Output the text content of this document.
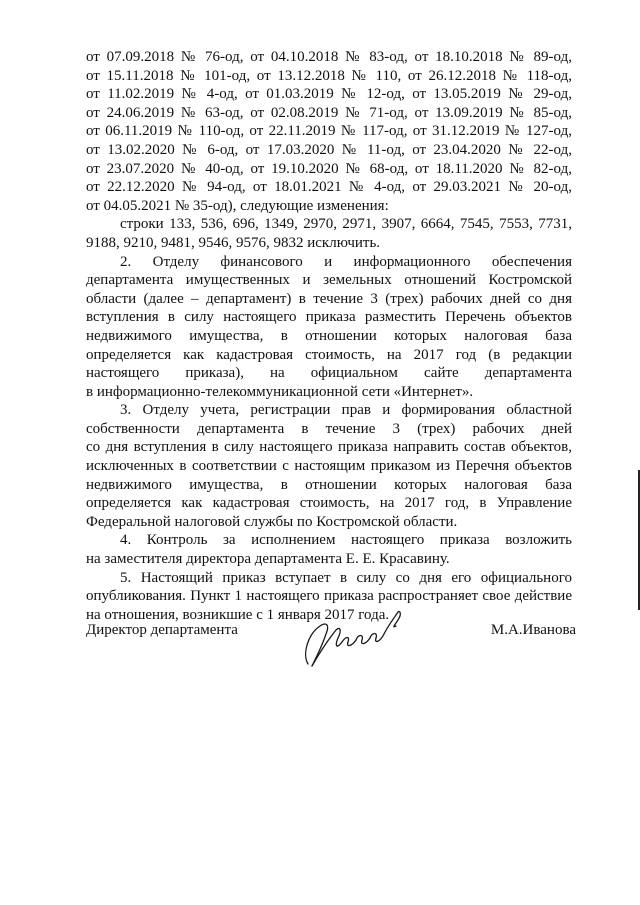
от 07.09.2018 № 76-од, от 04.10.2018 № 83-од, от 18.10.2018 № 89-од,
от 15.11.2018 № 101-од, от 13.12.2018 № 110, от 26.12.2018 № 118-од,
от 11.02.2019 № 4-од, от 01.03.2019 № 12-од, от 13.05.2019 № 29-од,
от 24.06.2019 № 63-од, от 02.08.2019 № 71-од, от 13.09.2019 № 85-од,
от 06.11.2019 № 110-од, от 22.11.2019 № 117-од, от 31.12.2019 № 127-од,
от 13.02.2020 № 6-од, от 17.03.2020 № 11-од, от 23.04.2020 № 22-од,
от 23.07.2020 № 40-од, от 19.10.2020 № 68-од, от 18.11.2020 № 82-од,
от 22.12.2020 № 94-од, от 18.01.2021 № 4-од, от 29.03.2021 № 20-од,
от 04.05.2021 № 35-од), следующие изменения:
строки 133, 536, 696, 1349, 2970, 2971, 3907, 6664, 7545, 7553, 7731,
9188, 9210, 9481, 9546, 9576, 9832 исключить.
2. Отделу финансового и информационного обеспечения
департамента имущественных и земельных отношений Костромской
области (далее – департамент) в течение 3 (трех) рабочих дней со дня
вступления в силу настоящего приказа разместить Перечень объектов
недвижимого имущества, в отношении которых налоговая база
определяется как кадастровая стоимость, на 2017 год (в редакции
настоящего приказа), на официальном сайте департамента
в информационно-телекоммуникационной сети «Интернет».
3. Отделу учета, регистрации прав и формирования областной
собственности департамента в течение 3 (трех) рабочих дней
со дня вступления в силу настоящего приказа направить состав объектов,
исключенных в соответствии с настоящим приказом из Перечня объектов
недвижимого имущества, в отношении которых налоговая база
определяется как кадастровая стоимость, на 2017 год, в Управление
Федеральной налоговой службы по Костромской области.
4. Контроль за исполнением настоящего приказа возложить
на заместителя директора департамента Е. Е. Красавину.
5. Настоящий приказ вступает в силу со дня его официального
опубликования. Пункт 1 настоящего приказа распространяет свое действие
на отношения, возникшие с 1 января 2017 года.
Директор департамента	М.А.Иванова
